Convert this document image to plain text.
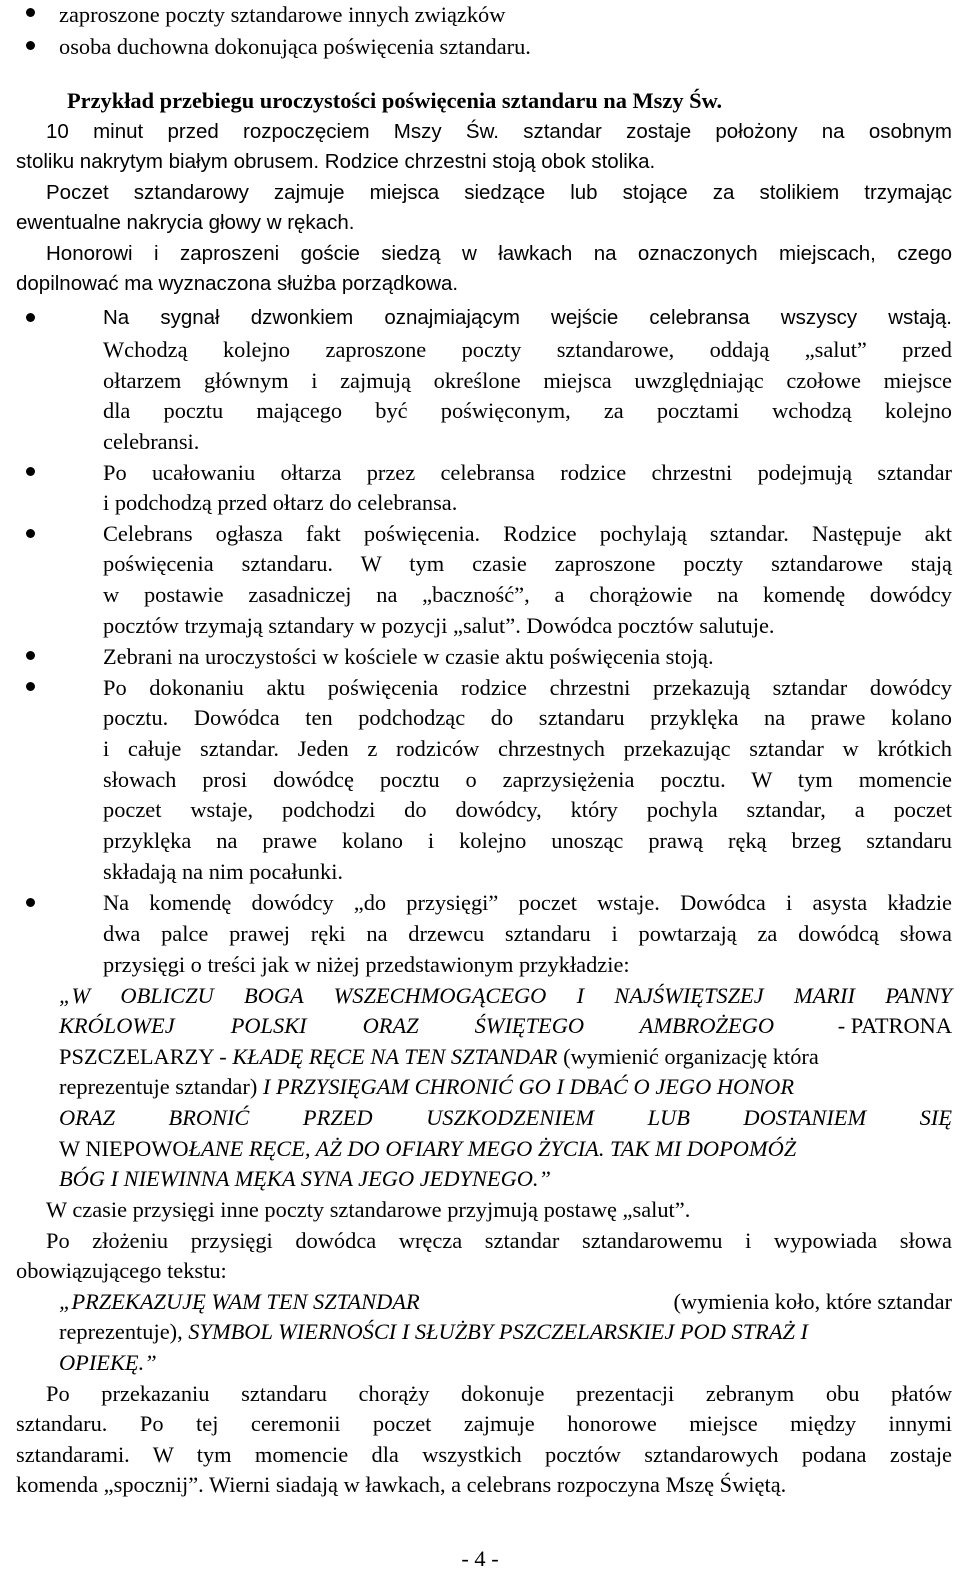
zaproszone poczty sztandarowe innych związków
osoba duchowna dokonująca poświęcenia sztandaru.
Przykład przebiegu uroczystości poświęcenia sztandaru na Mszy Św.
10 minut przed rozpoczęciem Mszy Św. sztandar zostaje położony na osobnym
stoliku nakrytym białym obrusem. Rodzice chrzestni stoją obok stolika.
Poczet sztandarowy zajmuje miejsca siedzące lub stojące za stolikiem trzymając
ewentualne nakrycia głowy w rękach.
Honorowi i zaproszeni goście siedzą w ławkach na oznaczonych miejscach, czego
dopilnować ma wyznaczona służba porządkowa.
Na sygnał dzwonkiem oznajmiającym wejście celebransa wszyscy wstają.
Wchodzą kolejno zaproszone poczty sztandarowe, oddają „salut” przed
ołtarzem głównym i zajmują określone miejsca uwzględniając czołowe miejsce
dla pocztu mającego być poświęconym, za pocztami wchodzą kolejno
celebransi.
Po ucałowaniu ołtarza przez celebransa rodzice chrzestni podejmują sztandar
i podchodzą przed ołtarz do celebransa.
Celebrans ogłasza fakt poświęcenia. Rodzice pochylają sztandar. Następuje akt
poświęcenia sztandaru. W tym czasie zaproszone poczty sztandarowe stają
w postawie zasadniczej na „baczność”, a chorążowie na komendę dowódcy
pocztów trzymają sztandary w pozycji „salut”. Dowódca pocztów salutuje.
Zebrani na uroczystości w kościele w czasie aktu poświęcenia stoją.
Po dokonaniu aktu poświęcenia rodzice chrzestni przekazują sztandar dowódcy
pocztu. Dowódca ten podchodząc do sztandaru przyklęka na prawe kolano
i całuje sztandar. Jeden z rodziców chrzestnych przekazując sztandar w krótkich
słowach prosi dowódcę pocztu o zaprzysiężenia pocztu. W tym momencie
poczet wstaje, podchodzi do dowódcy, który pochyla sztandar, a poczet
przyklęka na prawe kolano i kolejno unosząc prawą ręką brzeg sztandaru
składają na nim pocałunki.
Na komendę dowódcy „do przysięgi” poczet wstaje. Dowódca i asysta kładzie
dwa palce prawej ręki na drzewcu sztandaru i powtarzają za dowódcą słowa
przysięgi o treści jak w niżej przedstawionym przykładzie:
„W OBLICZU BOGA WSZECHMOGĄCEGO I NAJŚWIĘTSZEJ MARII PANNY
KRÓLOWEJ POLSKI ORAZ ŚWIĘTEGO AMBROŻEGO	- PATRONA
PSZCZELARZY - KŁADĘ RĘCE NA TEN SZTANDAR (wymienić organizację która
reprezentuje sztandar) I PRZYSIĘGAM CHRONIĆ GO I DBAĆ O JEGO HONOR
ORAZ BRONIĆ PRZED USZKODZENIEM LUB DOSTANIEM SIĘ
W NIEPOWOŁANE RĘCE, AŻ DO OFIARY MEGO ŻYCIA. TAK MI DOPOMÓŻ
BÓG I NIEWINNA MĘKA SYNA JEGO JEDYNEGO.”
W czasie przysięgi inne poczty sztandarowe przyjmują postawę „salut”.
Po złożeniu przysięgi dowódca wręcza sztandar sztandarowemu i wypowiada słowa
obowiązującego tekstu:
„PRZEKAZUJĘ WAM TEN SZTANDAR	(wymienia koło, które sztandar
reprezentuje), SYMBOL WIERNOŚCI I SŁUŻBY PSZCZELARSKIEJ POD STRAŻ I
OPIEKĘ.”
Po przekazaniu sztandaru chorąży dokonuje prezentacji zebranym obu płatów
sztandaru. Po tej ceremonii poczet zajmuje honorowe miejsce między innymi
sztandarami. W tym momencie dla wszystkich pocztów sztandarowych podana zostaje
komenda „spocznij”. Wierni siadają w ławkach, a celebrans rozpoczyna Mszę Świętą.
- 4 -
